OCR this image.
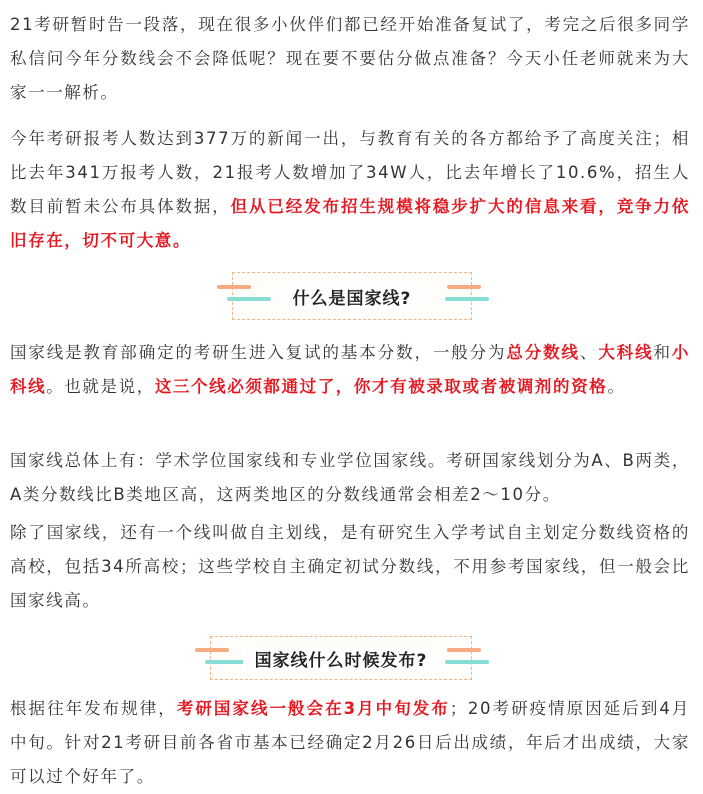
21考研暂时告一段落，现在很多小伙伴们都已经开始准备复试了，考完之后很多同学私信问今年分数线会不会降低呢？现在要不要估分做点准备？今天小任老师就来为大家一一解析。

今年考研报考人数达到377万的新闻一出，与教育有关的各方都给予了高度关注；相比去年341万报考人数，21报考人数增加了34W人，比去年增长了10.6%，招生人数目前暂未公布具体数据，但从已经发布招生规模将稳步扩大的信息来看，竞争力依旧存在，切不可大意。

什么是国家线?

国家线是教育部确定的考研生进入复试的基本分数，一般分为总分数线、大科线和小科线。也就是说，这三个线必须都通过了，你才有被录取或者被调剂的资格。

国家线总体上有：学术学位国家线和专业学位国家线。考研国家线划分为A、B两类，A类分数线比B类地区高，这两类地区的分数线通常会相差2～10分。

除了国家线，还有一个线叫做自主划线，是有研究生入学考试自主划定分数线资格的高校，包括34所高校；这些学校自主确定初试分数线，不用参考国家线，但一般会比国家线高。

国家线什么时候发布?

根据往年发布规律，考研国家线一般会在3月中旬发布；20考研疫情原因延后到4月中旬。针对21考研目前各省市基本已经确定2月26日后出成绩，年后才出成绩，大家可以过个好年了。
